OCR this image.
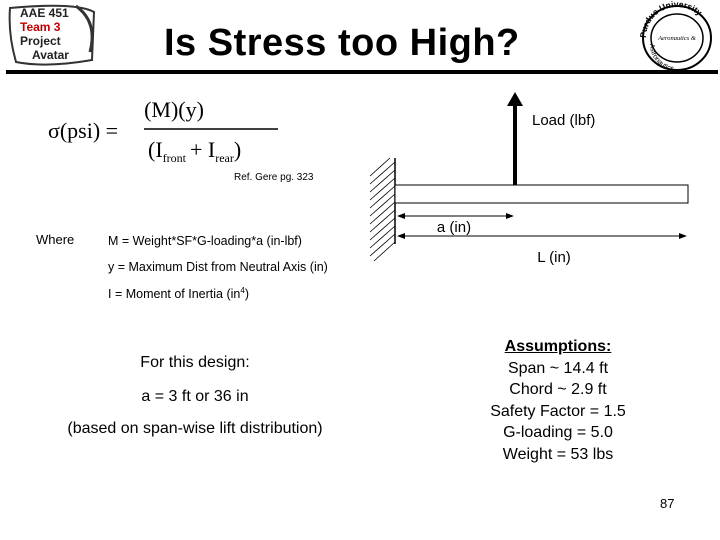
AAE 451
Team 3
Project
Avatar	Is Stress too High?	Purdue University
Astronautics
Aeronautics &
σ(psi) =
(M)(y)
$(I_{front} + I_{rear})$
Ref. Gere pg. 323
Where	M = Weight*SF*G-loading*a (in-lbf)
y = Maximum Dist from Neutral Axis (in)
I = Moment of Inertia $(in^4)$
Load (lbf)
a (in)
L (in)
For this design:
a = 3 ft or 36 in
(based on span-wise lift distribution)
Assumptions:
Span ~ 14.4 ft
Chord ~ 2.9 ft
Safety Factor = 1.5
G-loading = 5.0
Weight = 53 lbs
87
